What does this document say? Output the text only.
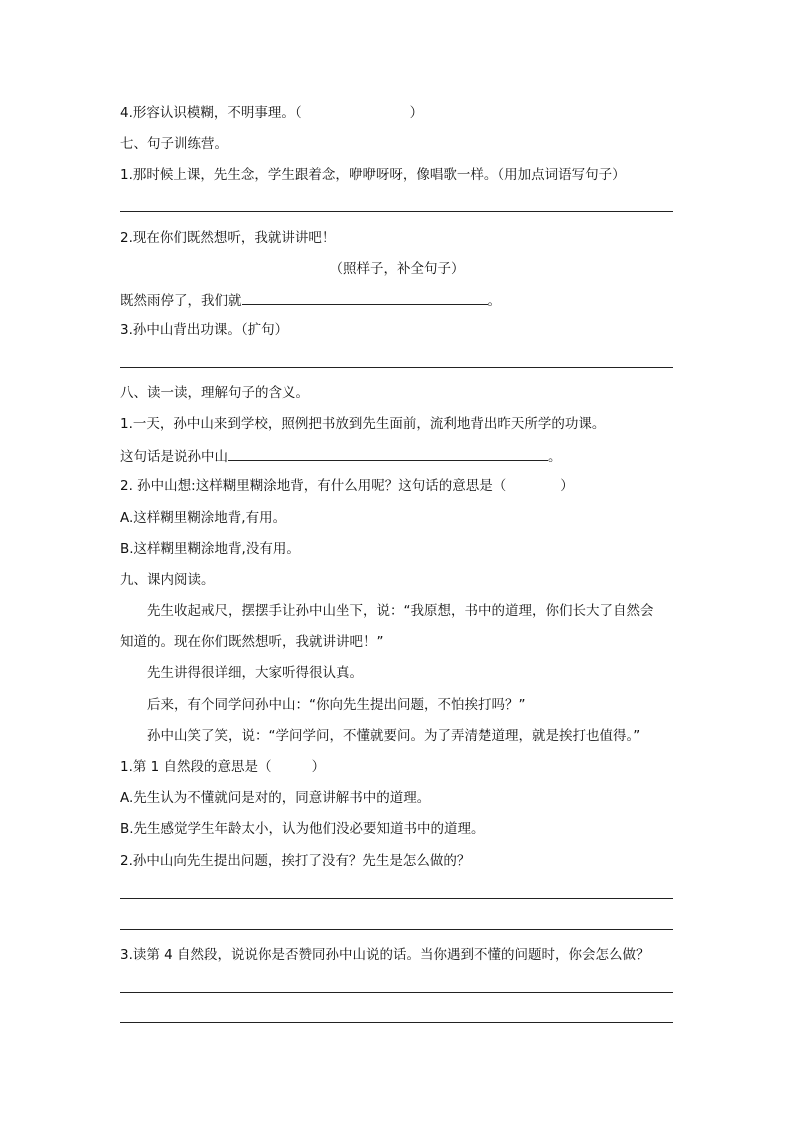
4.形容认识模糊，不明事理。（	）
七、句子训练营。
1.那时候上课，先生念，学生跟着念，咿咿呀呀，像唱歌一样。（用加点词语写句子）
2.现在你们既然想听，我就讲讲吧！
（照样子，补全句子）
既然雨停了，我们就	。
3.孙中山背出功课。（扩句）
八、读一读，理解句子的含义。
1.一天，孙中山来到学校，照例把书放到先生面前，流利地背出昨天所学的功课。
这句话是说孙中山	。
2. 孙中山想:这样糊里糊涂地背，有什么用呢？这句话的意思是（	）
A.这样糊里糊涂地背,有用。
B.这样糊里糊涂地背,没有用。
九、课内阅读。
先生收起戒尺，摆摆手让孙中山坐下，说：“我原想，书中的道理，你们长大了自然会
知道的。现在你们既然想听，我就讲讲吧！”
先生讲得很详细，大家听得很认真。
后来，有个同学问孙中山：“你向先生提出问题，不怕挨打吗？”
孙中山笑了笑，说：“学问学问，不懂就要问。为了弄清楚道理，就是挨打也值得。”
1.第 1 自然段的意思是（	）
A.先生认为不懂就问是对的，同意讲解书中的道理。
B.先生感觉学生年龄太小，认为他们没必要知道书中的道理。
2.孙中山向先生提出问题，挨打了没有？先生是怎么做的？
3.读第 4 自然段，说说你是否赞同孙中山说的话。当你遇到不懂的问题时，你会怎么做？
